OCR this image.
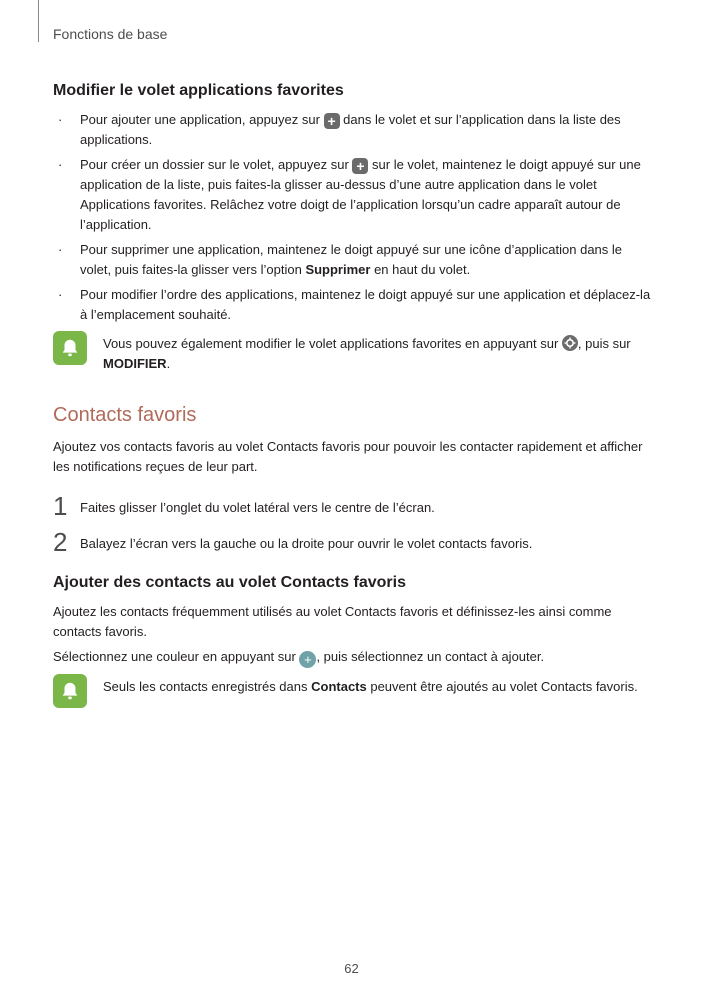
Fonctions de base
Modifier le volet applications favorites
· Pour ajouter une application, appuyez sur + dans le volet et sur l’application dans la liste des applications.
· Pour créer un dossier sur le volet, appuyez sur + sur le volet, maintenez le doigt appuyé sur une application de la liste, puis faites-la glisser au-dessus d’une autre application dans le volet Applications favorites. Relâchez votre doigt de l’application lorsqu’un cadre apparaît autour de l’application.
· Pour supprimer une application, maintenez le doigt appuyé sur une icône d’application dans le volet, puis faites-la glisser vers l’option Supprimer en haut du volet.
· Pour modifier l’ordre des applications, maintenez le doigt appuyé sur une application et déplacez-la à l’emplacement souhaité.
Vous pouvez également modifier le volet applications favorites en appuyant sur
, puis sur MODIFIER.
Contacts favoris

Ajoutez vos contacts favoris au volet Contacts favoris pour pouvoir les contacter rapidement et afficher les notifications reçues de leur part.

1 Faites glisser l’onglet du volet latéral vers le centre de l’écran.
2 Balayez l’écran vers la gauche ou la droite pour ouvrir le volet contacts favoris.
Ajouter des contacts au volet Contacts favoris

Ajoutez les contacts fréquemment utilisés au volet Contacts favoris et définissez-les ainsi comme contacts favoris.

Sélectionnez une couleur en appuyant sur + , puis sélectionnez un contact à ajouter.

Seuls les contacts enregistrés dans Contacts peuvent être ajoutés au volet Contacts favoris.
62
